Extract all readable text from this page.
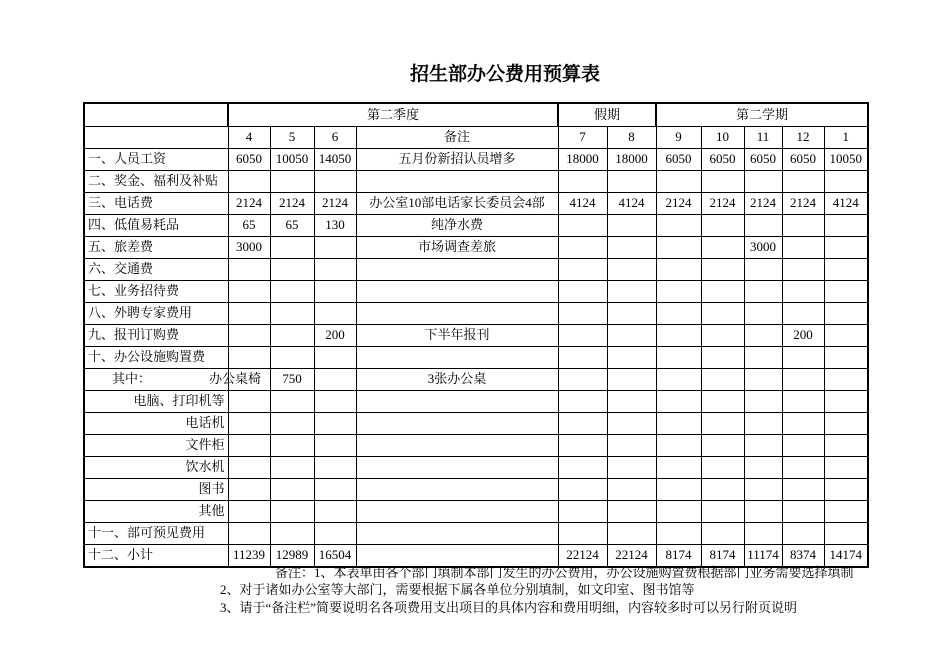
招生部办公费用预算表
	第二季度				假期		第二学期				
	4	5	6	备注	7	8	9	10	11	12	1
一、人员工资	6050	10050	14050	五月份新招认员增多	18000	18000	6050	6050	6050	6050	10050
二、奖金、福利及补贴											
三、电话费	2124	2124	2124	办公室10部电话家长委员会4部	4124	4124	2124	2124	2124	2124	4124
四、低值易耗品	65	65	130	纯净水费							
五、旅差费	3000			市场调查差旅					3000		
六、交通费											
七、业务招待费											
八、外聘专家费用											
九、报刊订购费			200	下半年报刊						200	
十、办公设施购置费											

其中： 办公桌椅		750		3张办公桌							
电脑、打印机等											
电话机											
文件柜											
饮水机											
图书											
其他											
十一、部可预见费用											
十二、小计	11239	12989	16504		22124	22124	8174	8174	11174	8374	14174
备注：1、本表单由各个部门填制本部门发生的办公费用，办公设施购置费根据部门业务需要选择填制
2、对于诸如办公室等大部门，需要根据下属各单位分别填制，如文印室、图书馆等
3、请于“备注栏”简要说明名各项费用支出项目的具体内容和费用明细，内容较多时可以另行附页说明
